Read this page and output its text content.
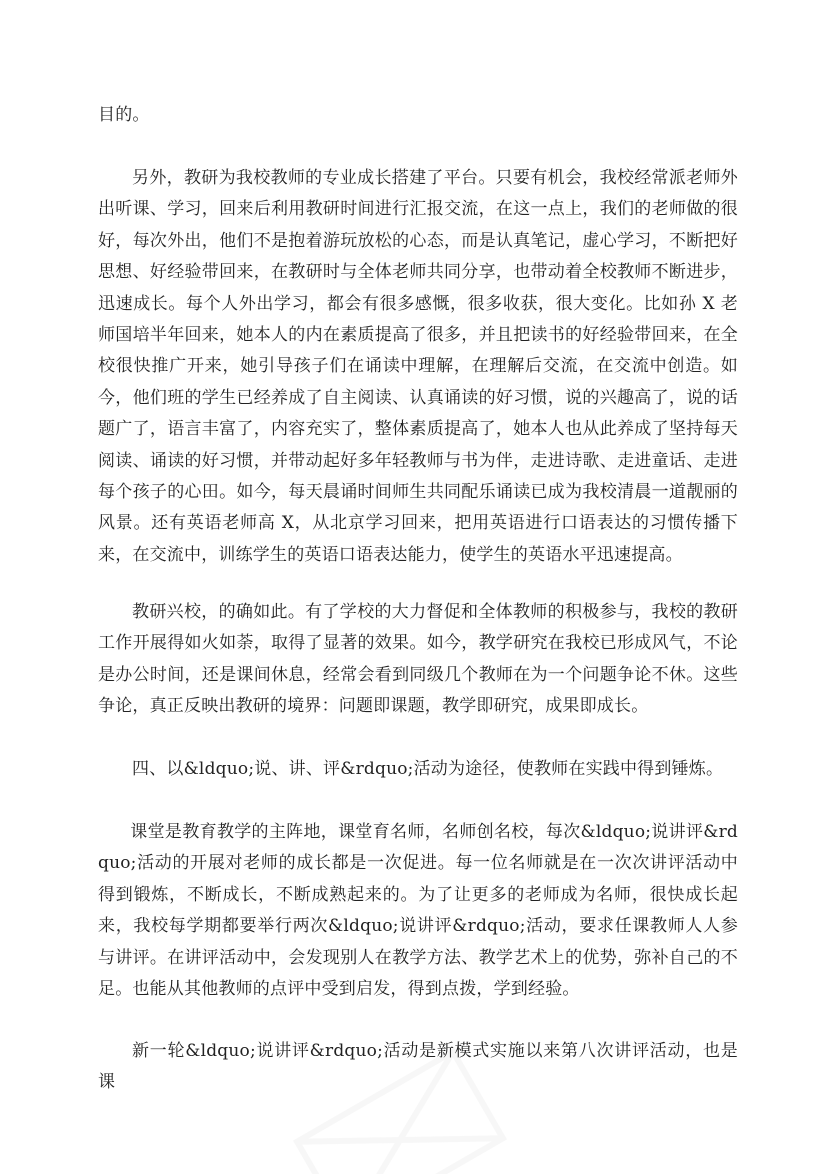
目的。

另外，教研为我校教师的专业成长搭建了平台。只要有机会，我校经常派老师外出听课、学习，回来后利用教研时间进行汇报交流，在这一点上，我们的老师做的很好，每次外出，他们不是抱着游玩放松的心态，而是认真笔记，虚心学习，不断把好思想、好经验带回来，在教研时与全体老师共同分享，也带动着全校教师不断进步，迅速成长。每个人外出学习，都会有很多感慨，很多收获，很大变化。比如孙 X 老师国培半年回来，她本人的内在素质提高了很多，并且把读书的好经验带回来，在全校很快推广开来，她引导孩子们在诵读中理解，在理解后交流，在交流中创造。如今，他们班的学生已经养成了自主阅读、认真诵读的好习惯，说的兴趣高了，说的话题广了，语言丰富了，内容充实了，整体素质提高了，她本人也从此养成了坚持每天阅读、诵读的好习惯，并带动起好多年轻教师与书为伴，走进诗歌、走进童话、走进每个孩子的心田。如今，每天晨诵时间师生共同配乐诵读已成为我校清晨一道靓丽的风景。还有英语老师高 X，从北京学习回来，把用英语进行口语表达的习惯传播下来，在交流中，训练学生的英语口语表达能力，使学生的英语水平迅速提高。

教研兴校，的确如此。有了学校的大力督促和全体教师的积极参与，我校的教研工作开展得如火如荼，取得了显著的效果。如今，教学研究在我校已形成风气，不论是办公时间，还是课间休息，经常会看到同级几个教师在为一个问题争论不休。这些争论，真正反映出教研的境界：问题即课题，教学即研究，成果即成长。

四、以&ldquo;说、讲、评&rdquo;活动为途径，使教师在实践中得到锤炼。

课堂是教育教学的主阵地，课堂育名师，名师创名校，每次&ldquo;说讲评&rdquo;活动的开展对老师的成长都是一次促进。每一位名师就是在一次次讲评活动中得到锻炼，不断成长，不断成熟起来的。为了让更多的老师成为名师，很快成长起来，我校每学期都要举行两次&ldquo;说讲评&rdquo;活动，要求任课教师人人参与讲评。在讲评活动中，会发现别人在教学方法、教学艺术上的优势，弥补自己的不足。也能从其他教师的点评中受到启发，得到点拨，学到经验。

新一轮&ldquo;说讲评&rdquo;活动是新模式实施以来第八次讲评活动，也是课
